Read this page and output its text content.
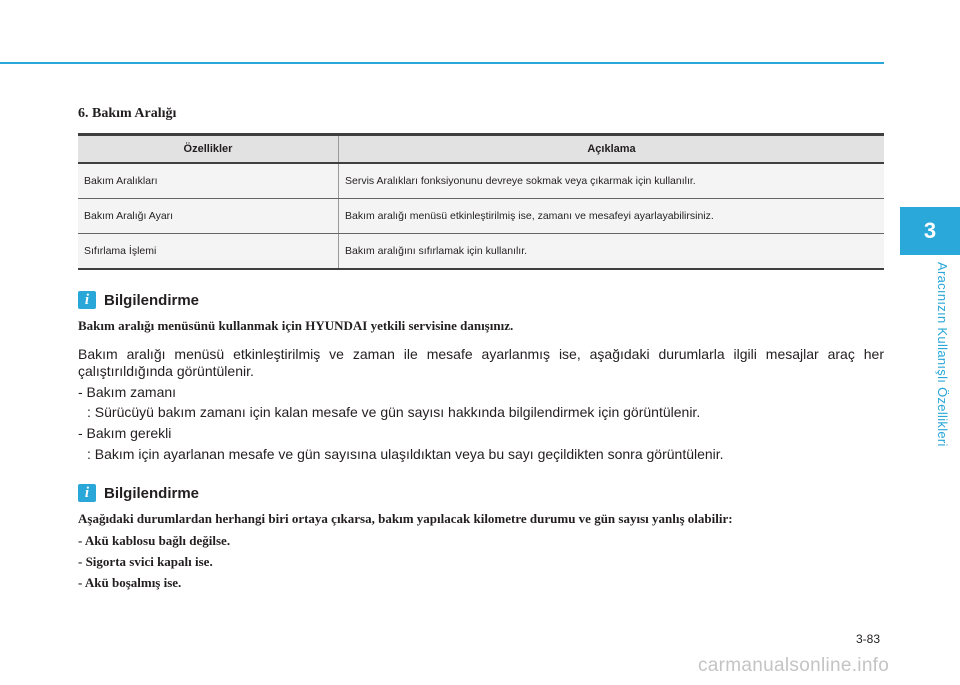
3
Aracınızın Kullanışlı Özellikleri
6. Bakım Aralığı
Özellikler	Açıklama
Bakım Aralıkları	Servis Aralıkları fonksiyonunu devreye sokmak veya çıkarmak için kullanılır.
Bakım Aralığı Ayarı	Bakım aralığı menüsü etkinleştirilmiş ise, zamanı ve mesafeyi ayarlayabilirsiniz.
Sıfırlama İşlemi	Bakım aralığını sıfırlamak için kullanılır.
i Bilgilendirme
Bakım aralığı menüsünü kullanmak için HYUNDAI yetkili servisine danışınız.
Bakım aralığı menüsü etkinleştirilmiş ve zaman ile mesafe ayarlanmış ise, aşağıdaki durumlarla ilgili mesajlar araç her çalıştırıldığında görüntülenir.
- Bakım zamanı
: Sürücüyü bakım zamanı için kalan mesafe ve gün sayısı hakkında bilgilendirmek için görüntülenir.
- Bakım gerekli
: Bakım için ayarlanan mesafe ve gün sayısına ulaşıldıktan veya bu sayı geçildikten sonra görüntülenir.
i Bilgilendirme
Aşağıdaki durumlardan herhangi biri ortaya çıkarsa, bakım yapılacak kilometre durumu ve gün sayısı yanlış olabilir:
- Akü kablosu bağlı değilse.
- Sigorta svici kapalı ise.
- Akü boşalmış ise.
3-83
carmanualsonline.info
